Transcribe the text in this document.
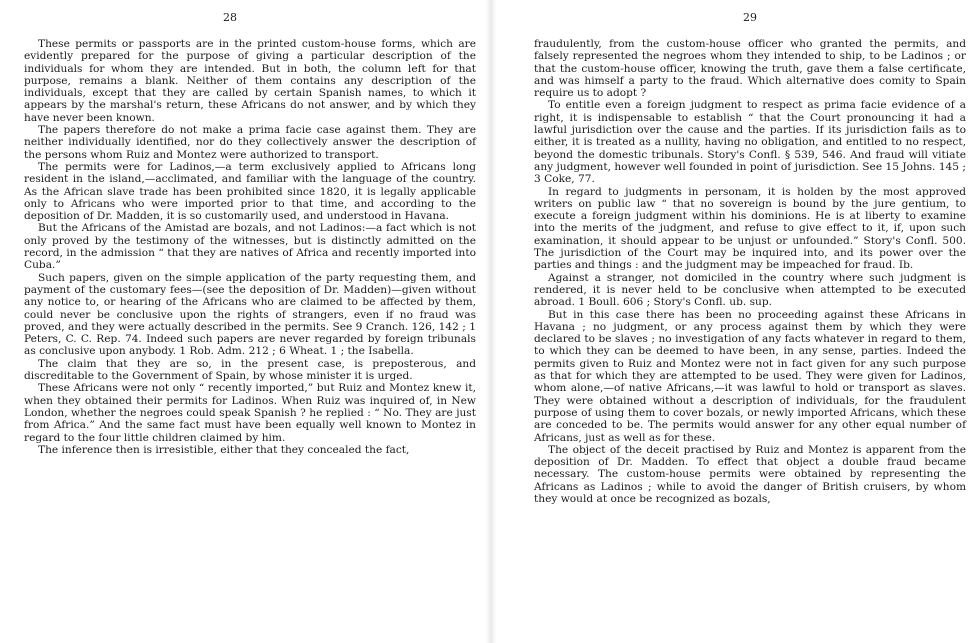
28

These permits or passports are in the printed custom-house forms, which are evidently prepared for the purpose of giving a particular description of the individuals for whom they are intended. But in both, the column left for that purpose, remains a blank. Neither of them contains any description of the individuals, except that they are called by certain Spanish names, to which it appears by the marshal's return, these Africans do not answer, and by which they have never been known.

The papers therefore do not make a prima facie case against them. They are neither individually identified, nor do they collectively answer the description of the persons whom Ruiz and Montez were authorized to transport.

The permits were for Ladinos,—a term exclusively applied to Africans long resident in the island,—acclimated, and familiar with the language of the country. As the African slave trade has been prohibited since 1820, it is legally applicable only to Africans who were imported prior to that time, and according to the deposition of Dr. Madden, it is so customarily used, and understood in Havana.

But the Africans of the Amistad are bozals, and not Ladinos:—a fact which is not only proved by the testimony of the witnesses, but is distinctly admitted on the record, in the admission “ that they are natives of Africa and recently imported into Cuba.”

Such papers, given on the simple application of the party requesting them, and payment of the customary fees—(see the deposition of Dr. Madden)—given without any notice to, or hearing of the Africans who are claimed to be affected by them, could never be conclusive upon the rights of strangers, even if no fraud was proved, and they were actually described in the permits. See 9 Cranch. 126, 142 ; 1 Peters, C. C. Rep. 74. Indeed such papers are never regarded by foreign tribunals as conclusive upon anybody. 1 Rob. Adm. 212 ; 6 Wheat. 1 ; the Isabella.

The claim that they are so, in the present case, is preposterous, and discreditable to the Government of Spain, by whose minister it is urged.

These Africans were not only “ recently imported,” but Ruiz and Montez knew it, when they obtained their permits for Ladinos. When Ruiz was inquired of, in New London, whether the negroes could speak Spanish ? he replied : “ No. They are just from Africa.” And the same fact must have been equally well known to Montez in regard to the four little children claimed by him.

The inference then is irresistible, either that they concealed the fact,

29

fraudulently, from the custom-house officer who granted the permits, and falsely represented the negroes whom they intended to ship, to be Ladinos ; or that the custom-house officer, knowing the truth, gave them a false certificate, and was himself a party to the fraud. Which alternative does comity to Spain require us to adopt ?

To entitle even a foreign judgment to respect as prima facie evidence of a right, it is indispensable to establish “ that the Court pronouncing it had a lawful jurisdiction over the cause and the parties. If its jurisdiction fails as to either, it is treated as a nullity, having no obligation, and entitled to no respect, beyond the domestic tribunals. Story's Confl. § 539, 546. And fraud will vitiate any judgment, however well founded in point of jurisdiction. See 15 Johns. 145 ; 3 Coke, 77.

In regard to judgments in personam, it is holden by the most approved writers on public law “ that no sovereign is bound by the jure gentium, to execute a foreign judgment within his dominions. He is at liberty to examine into the merits of the judgment, and refuse to give effect to it, if, upon such examination, it should appear to be unjust or unfounded.” Story's Confl. 500. The jurisdiction of the Court may be inquired into, and its power over the parties and things : and the judgment may be impeached for fraud. Ib.

Against a stranger, not domiciled in the country where such judgment is rendered, it is never held to be conclusive when attempted to be executed abroad. 1 Boull. 606 ; Story's Confl. ub. sup.

But in this case there has been no proceeding against these Africans in Havana ; no judgment, or any process against them by which they were declared to be slaves ; no investigation of any facts whatever in regard to them, to which they can be deemed to have been, in any sense, parties. Indeed the permits given to Ruiz and Montez were not in fact given for any such purpose as that for which they are attempted to be used. They were given for Ladinos, whom alone,—of native Africans,—it was lawful to hold or transport as slaves. They were obtained without a description of individuals, for the fraudulent purpose of using them to cover bozals, or newly imported Africans, which these are conceded to be. The permits would answer for any other equal number of Africans, just as well as for these.

The object of the deceit practised by Ruiz and Montez is apparent from the deposition of Dr. Madden. To effect that object a double fraud became necessary. The custom-house permits were obtained by representing the Africans as Ladinos ; while to avoid the danger of British cruisers, by whom they would at once be recognized as bozals,
